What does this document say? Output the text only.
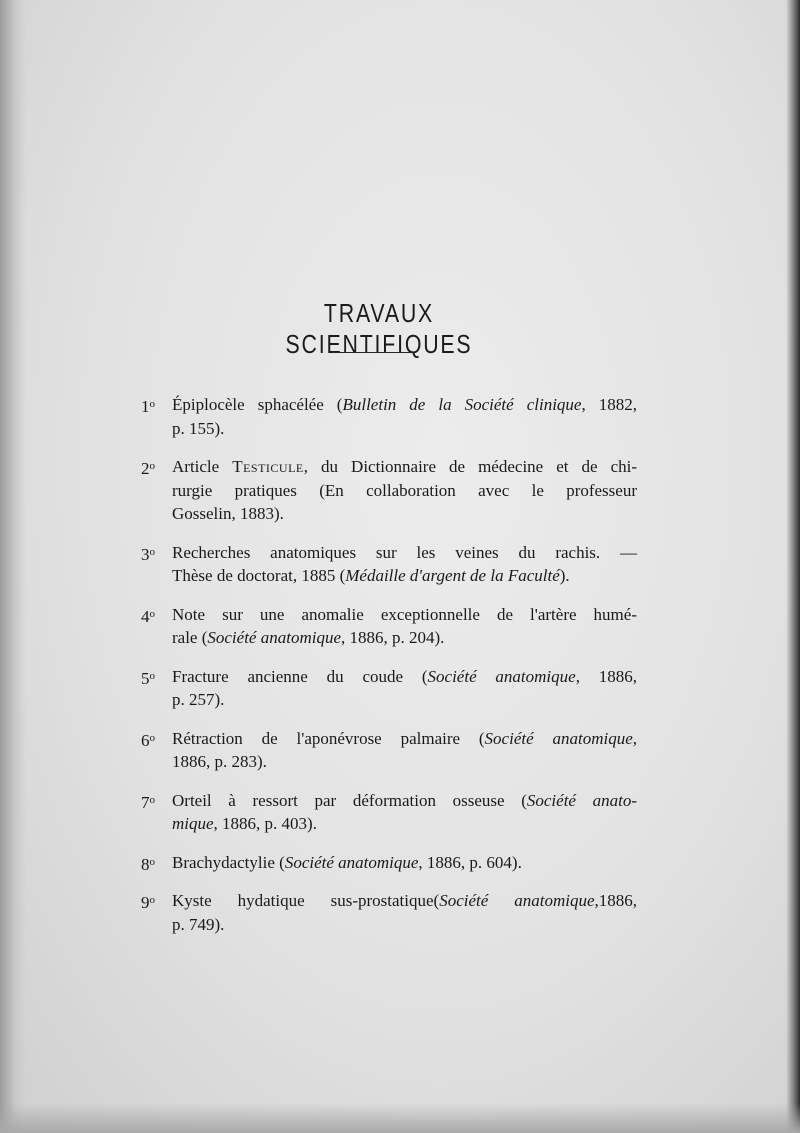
TRAVAUX SCIENTIFIQUES
1$^o$	Épiplocèle sphacélée (Bulletin de la Société clinique, 1882,
p. 155).
2$^o$	Article Testicule, du Dictionnaire de médecine et de chi-
rurgie pratiques (En collaboration avec le professeur
Gosselin, 1883).
3$^o$	Recherches anatomiques sur les veines du rachis. —
Thèse de doctorat, 1885 (Médaille d'argent de la Faculté).
4$^o$	Note sur une anomalie exceptionnelle de l'artère humé-
rale (Société anatomique, 1886, p. 204).
5$^o$	Fracture ancienne du coude (Société anatomique, 1886,
p. 257).
6$^o$	Rétraction de l'aponévrose palmaire (Société anatomique,
1886, p. 283).
7$^o$	Orteil à ressort par déformation osseuse (Société anato-
mique, 1886, p. 403).
8$^o$	Brachydactylie (Société anatomique, 1886, p. 604).
9$^o$	Kyste hydatique sus-prostatique(Société anatomique,1886,
p. 749).
